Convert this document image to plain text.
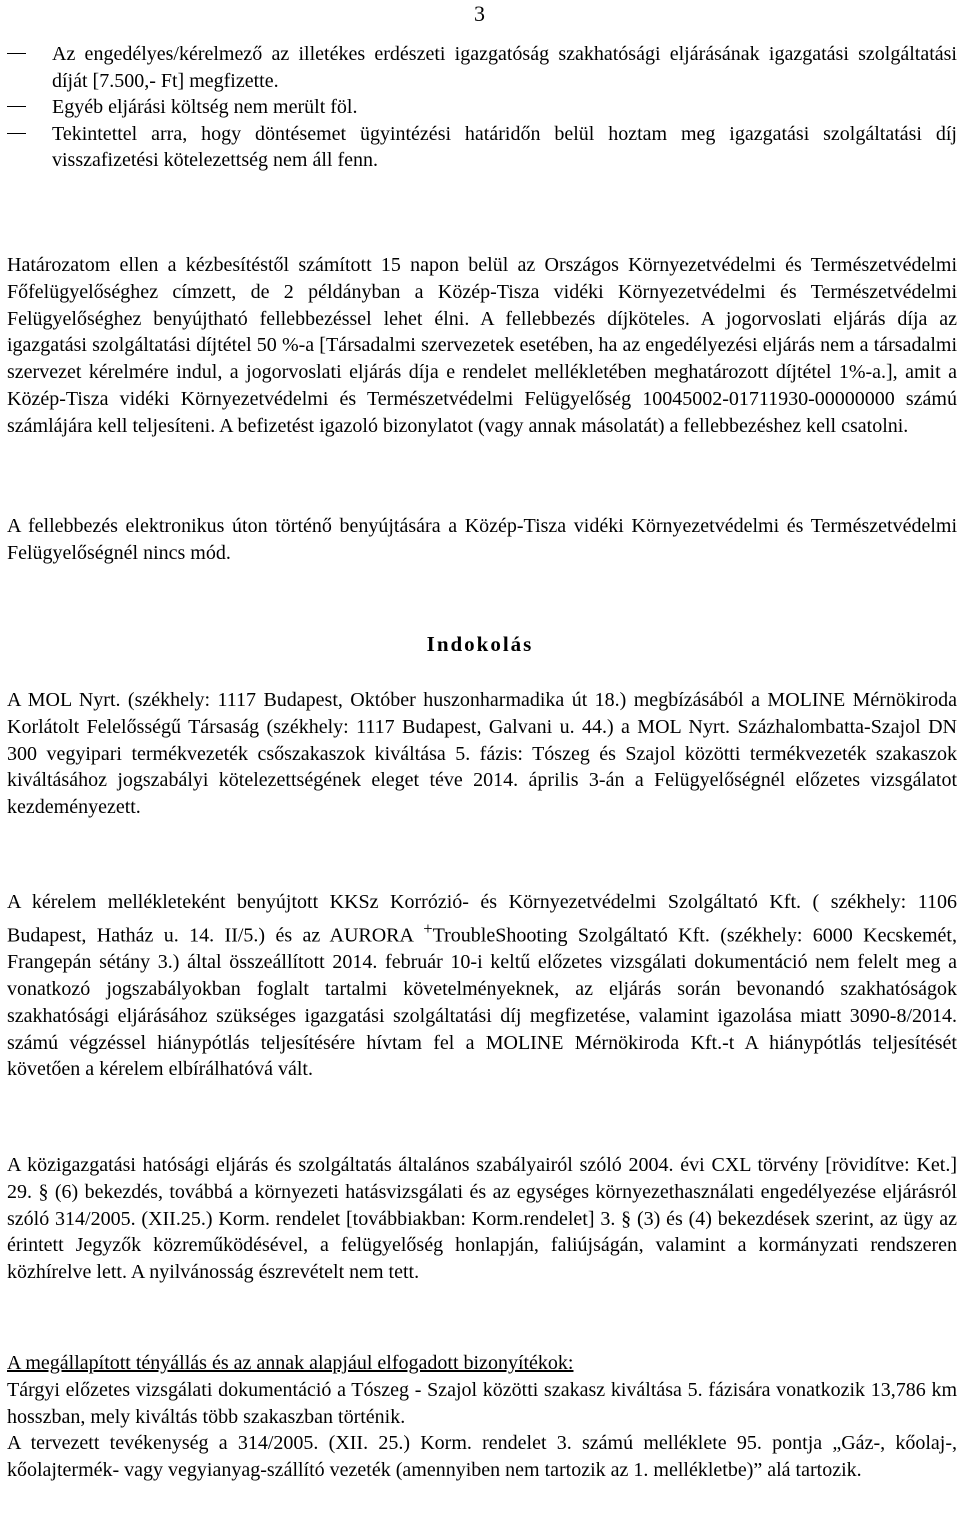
3
Az engedélyes/kérelmező az illetékes erdészeti igazgatóság szakhatósági eljárásának igazgatási szolgáltatási díját [7.500,- Ft] megfizette.
Egyéb eljárási költség nem merült föl.
Tekintettel arra, hogy döntésemet ügyintézési határidőn belül hoztam meg igazgatási szolgáltatási díj visszafizetési kötelezettség nem áll fenn.

Határozatom ellen a kézbesítéstől számított 15 napon belül az Országos Környezetvédelmi és Természetvédelmi Főfelügyelőséghez címzett, de 2 példányban a Közép-Tisza vidéki Környezetvédelmi és Természetvédelmi Felügyelőséghez benyújtható fellebbezéssel lehet élni. A fellebbezés díjköteles. A jogorvoslati eljárás díja az igazgatási szolgáltatási díjtétel 50 %-a [Társadalmi szervezetek esetében, ha az engedélyezési eljárás nem a társadalmi szervezet kérelmére indul, a jogorvoslati eljárás díja e rendelet mellékletében meghatározott díjtétel 1%-a.], amit a Közép-Tisza vidéki Környezetvédelmi és Természetvédelmi Felügyelőség 10045002-01711930-00000000 számú számlájára kell teljesíteni. A befizetést igazoló bizonylatot (vagy annak másolatát) a fellebbezéshez kell csatolni.

A fellebbezés elektronikus úton történő benyújtására a Közép-Tisza vidéki Környezetvédelmi és Természetvédelmi Felügyelőségnél nincs mód.

Indokolás

A MOL Nyrt. (székhely: 1117 Budapest, Október huszonharmadika út 18.) megbízásából a MOLINE Mérnökiroda Korlátolt Felelősségű Társaság (székhely: 1117 Budapest, Galvani u. 44.) a MOL Nyrt. Százhalombatta-Szajol DN 300 vegyipari termékvezeték csőszakaszok kiváltása 5. fázis: Tószeg és Szajol közötti termékvezeték szakaszok kiváltásához jogszabályi kötelezettségének eleget téve 2014. április 3-án a Felügyelőségnél előzetes vizsgálatot kezdeményezett.

A kérelem mellékleteként benyújtott KKSz Korrózió- és Környezetvédelmi Szolgáltató Kft. ( székhely: 1106 Budapest, Hatház u. 14. II/5.) és az AURORA +TroubleShooting Szolgáltató Kft. (székhely: 6000 Kecskemét, Frangepán sétány 3.) által összeállított 2014. február 10-i keltű előzetes vizsgálati dokumentáció nem felelt meg a vonatkozó jogszabályokban foglalt tartalmi követelményeknek, az eljárás során bevonandó szakhatóságok szakhatósági eljárásához szükséges igazgatási szolgáltatási díj megfizetése, valamint igazolása miatt 3090-8/2014. számú végzéssel hiánypótlás teljesítésére hívtam fel a MOLINE Mérnökiroda Kft.-t A hiánypótlás teljesítését követően a kérelem elbírálhatóvá vált.

A közigazgatási hatósági eljárás és szolgáltatás általános szabályairól szóló 2004. évi CXL törvény [rövidítve: Ket.] 29. § (6) bekezdés, továbbá a környezeti hatásvizsgálati és az egységes környezethasználati engedélyezése eljárásról szóló 314/2005. (XII.25.) Korm. rendelet [továbbiakban: Korm.rendelet] 3. § (3) és (4) bekezdések szerint, az ügy az érintett Jegyzők közreműködésével, a felügyelőség honlapján, faliújságán, valamint a kormányzati rendszeren közhírelve lett. A nyilvánosság észrevételt nem tett.

A megállapított tényállás és az annak alapjául elfogadott bizonyítékok:
Tárgyi előzetes vizsgálati dokumentáció a Tószeg - Szajol közötti szakasz kiváltása 5. fázisára vonatkozik 13,786 km hosszban, mely kiváltás több szakaszban történik.
A tervezett tevékenység a 314/2005. (XII. 25.) Korm. rendelet 3. számú melléklete 95. pontja „Gáz-, kőolaj-, kőolajtermék- vagy vegyianyag-szállító vezeték (amennyiben nem tartozik az 1. mellékletbe)” alá tartozik.
